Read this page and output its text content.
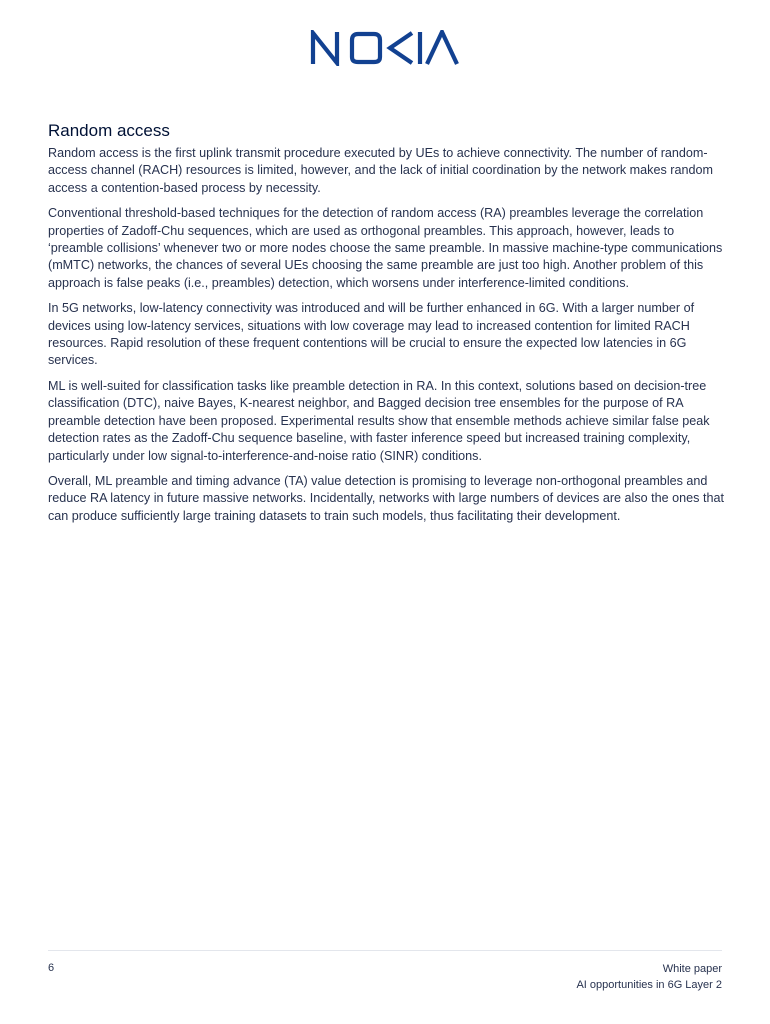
Random access

Random access is the first uplink transmit procedure executed by UEs to achieve connectivity. The number of random-access channel (RACH) resources is limited, however, and the lack of initial coordination by the network makes random access a contention-based process by necessity.

Conventional threshold-based techniques for the detection of random access (RA) preambles leverage the correlation properties of Zadoff-Chu sequences, which are used as orthogonal preambles. This approach, however, leads to ‘preamble collisions’ whenever two or more nodes choose the same preamble. In massive machine-type communications (mMTC) networks, the chances of several UEs choosing the same preamble are just too high. Another problem of this approach is false peaks (i.e., preambles) detection, which worsens under interference-limited conditions.

In 5G networks, low-latency connectivity was introduced and will be further enhanced in 6G. With a larger number of devices using low-latency services, situations with low coverage may lead to increased contention for limited RACH resources. Rapid resolution of these frequent contentions will be crucial to ensure the expected low latencies in 6G services.

ML is well-suited for classification tasks like preamble detection in RA. In this context, solutions based on decision-tree classification (DTC), naive Bayes, K-nearest neighbor, and Bagged decision tree ensembles for the purpose of RA preamble detection have been proposed. Experimental results show that ensemble methods achieve similar false peak detection rates as the Zadoff-Chu sequence baseline, with faster inference speed but increased training complexity, particularly under low signal-to-interference-and-noise ratio (SINR) conditions.

Overall, ML preamble and timing advance (TA) value detection is promising to leverage non-orthogonal preambles and reduce RA latency in future massive networks. Incidentally, networks with large numbers of devices are also the ones that can produce sufficiently large training datasets to train such models, thus facilitating their development.

6	White paper
AI opportunities in 6G Layer 2
